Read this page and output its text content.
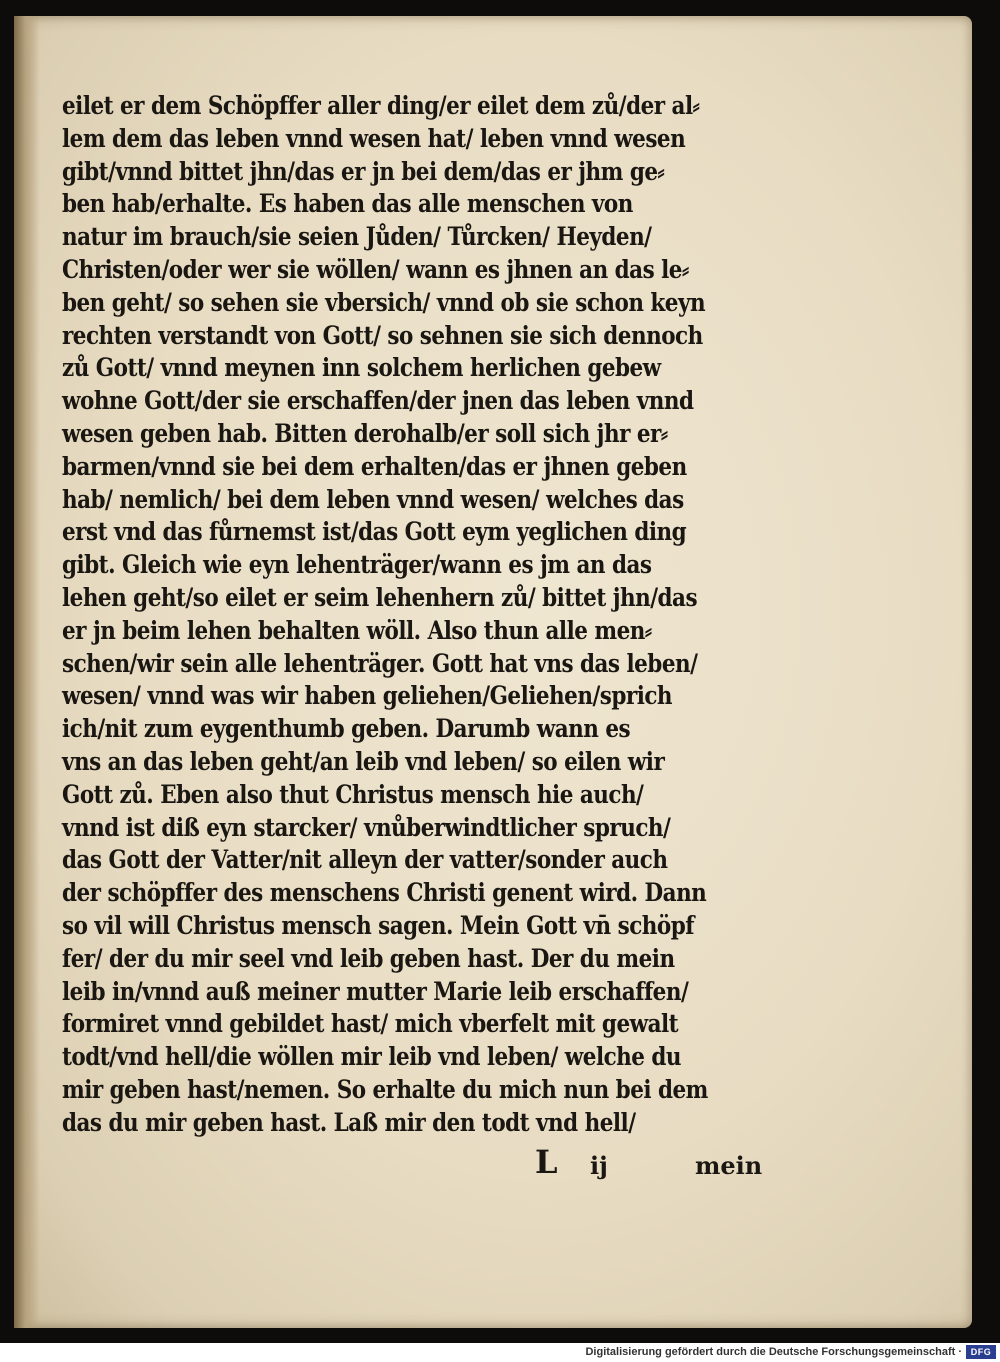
eilet er dem Schöpffer aller ding/er eilet dem zů/der al⸗
lem dem das leben vnnd wesen hat/ leben vnnd wesen
gibt/vnnd bittet jhn/das er jn bei dem/das er jhm ge⸗
ben hab/erhalte. Es haben das alle menschen von
natur im brauch/sie seien Jůden/ Tůrcken/ Heyden/
Christen/oder wer sie wöllen/ wann es jhnen an das le⸗
ben geht/ so sehen sie vbersich/ vnnd ob sie schon keyn
rechten verstandt von Gott/ so sehnen sie sich dennoch
zů Gott/ vnnd meynen inn solchem herlichen gebew
wohne Gott/der sie erschaffen/der jnen das leben vnnd
wesen geben hab. Bitten derohalb/er soll sich jhr er⸗
barmen/vnnd sie bei dem erhalten/das er jhnen geben
hab/ nemlich/ bei dem leben vnnd wesen/ welches das
erst vnd das fůrnemst ist/das Gott eym yeglichen ding
gibt. Gleich wie eyn lehenträger/wann es jm an das
lehen geht/so eilet er seim lehenhern zů/ bittet jhn/das
er jn beim lehen behalten wöll. Also thun alle men⸗
schen/wir sein alle lehenträger. Gott hat vns das leben/
wesen/ vnnd was wir haben geliehen/Geliehen/sprich
ich/nit zum eygenthumb geben. Darumb wann es
vns an das leben geht/an leib vnd leben/ so eilen wir
Gott zů. Eben also thut Christus mensch hie auch/
vnnd ist diß eyn starcker/ vnůberwindtlicher spruch/
das Gott der Vatter/nit alleyn der vatter/sonder auch
der schöpffer des menschens Christi genent wird. Dann
so vil will Christus mensch sagen. Mein Gott vn̄ schöpf
fer/ der du mir seel vnd leib geben hast. Der du mein
leib in/vnnd auß meiner mutter Marie leib erschaffen/
formiret vnnd gebildet hast/ mich vberfelt mit gewalt
todt/vnd hell/die wöllen mir leib vnd leben/ welche du
mir geben hast/nemen. So erhalte du mich nun bei dem
das du mir geben hast. Laß mir den todt vnd hell/
L ij	mein
Digitalisierung gefördert durch die Deutsche Forschungsgemeinschaft · DFG
